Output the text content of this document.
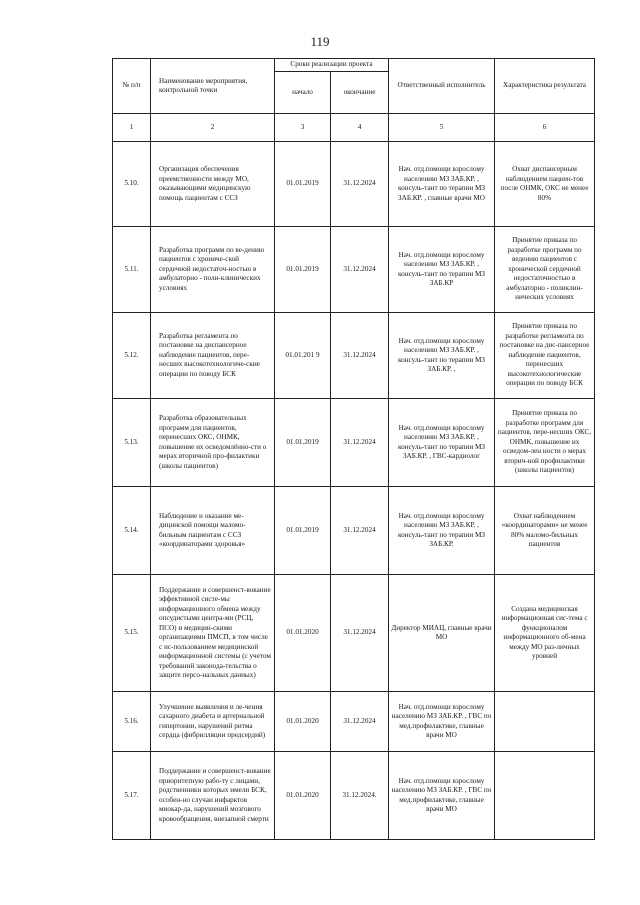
119
№ п/п	Наименование мероприятия, контрольной точки	Сроки реализации проекта		Ответственный исполнитель	Характеристика результата
		начало	окончание		
1	2	3	4	5	6
5.10.	Организация обеспечения преемственности между МО, оказывающими медицинскую помощь пациентам с ССЗ	01.01.2019	31.12.2024	Нач. отд.помощи взрослому населению МЗ ЗАБ.КР. , консуль-тант по терапии МЗ ЗАБ.КР. , главные врачи МО	Охват диспансерным наблюдением пациен-тов после ОНМК, ОКС не менее 80%
5.11.	Разработка программ по ве-дению пациентов с хрониче-ской сердечной недостаточ-ностью в амбулаторно - поли-клинических условиях	01.01.2019	31.12.2024	Нач. отд.помощи взрослому населению МЗ ЗАБ.КР. , консуль-тант по терапии МЗ ЗАБ.КР	Принятие приказа по разработке программ по ведению пациентов с хронической сердечной недостаточностью в амбулаторно - поликлин-нических условиях
5.12.	Разработка регламента по постановке на диспансерное наблюдение пациентов, пере-несших высокотехнологиче-ские операции по поводу БСК	01.01.201 9	31.12.2024	Нач. отд.помощи взрослому населению МЗ ЗАБ.КР. , консуль-тант по терапии МЗ ЗАБ.КР. ,	Принятие приказа по разработке регламента по постановке на дис-пансерное наблюдение пациентов, перенесших высокотехнологические операции по поводу БСК
5.13.	Разработка образовательных программ для пациентов, перенесших ОКС, ОНМК, повышение их осведомлённо-сти о мерах вторичной про-филактики (школы пациентов)	01.01.2019	31.12.2024	Нач. отд.помощи взрослому населению МЗ ЗАБ.КР. , консуль-тант по терапии МЗ ЗАБ.КР. , ГВС-кардиолог	Принятие приказа по разработке программ для пациентов, пере-несших ОКС, ОНМК, повышение их осведом-лен ности о мерах вторич-ной профилактики (школы пациентов)
5.14.	Наблюдение и оказание ме-дицинской помощи маломо-бильным пациентам с ССЗ «координаторами здоровья»	01.01.2019	31.12.2024	Нач. отд.помощи взрослому населению МЗ ЗАБ.КР. , консуль-тант по терапии МЗ ЗАБ.КР.	Охват наблюдением «координаторами» не менее 80% маломо-бильных пациентов
5.15.	Поддержание и совершенст-вование эффективной систе-мы информационного обмена между опсудистыми центра-ми (РСЦ, ПСО) и медицин-скими организациями ПМСП, в том числе с ис-пользованием медицинской информационной системы (с учетом требований законода-тельства о защите персо-нальных данных)	01.01.2020	31.12.2024	Директор МИАЦ, главные врачи МО	Создана медицинская информационная сис-тема с функционалом информационного об-мена между МО раз-личных уровней
5.16.	Улучшение выявления и ле-чения сахарного диабета и артериальной гипертонии, нарушений ритма сердца (фибрилляции предсердий)	01.01.2020	31.12.2024	Нач. отд.помощи взрослому населению МЗ ЗАБ.КР. , ГВС по мед.профилактике, главные врачи МО	
5.17.	Поддержание и совершенст-вование приоритетную рабо-ту с лицами, родственники которых имели БСК, особен-но случаи инфарктов миокар-да, нарушений мозгового кровообращения, внезапной смерти	01.01.2020	31.12.2024.	Нач. отд.помощи взрослому населению МЗ ЗАБ.КР. , ГВС по мед.профилактике, главные врачи МО	
